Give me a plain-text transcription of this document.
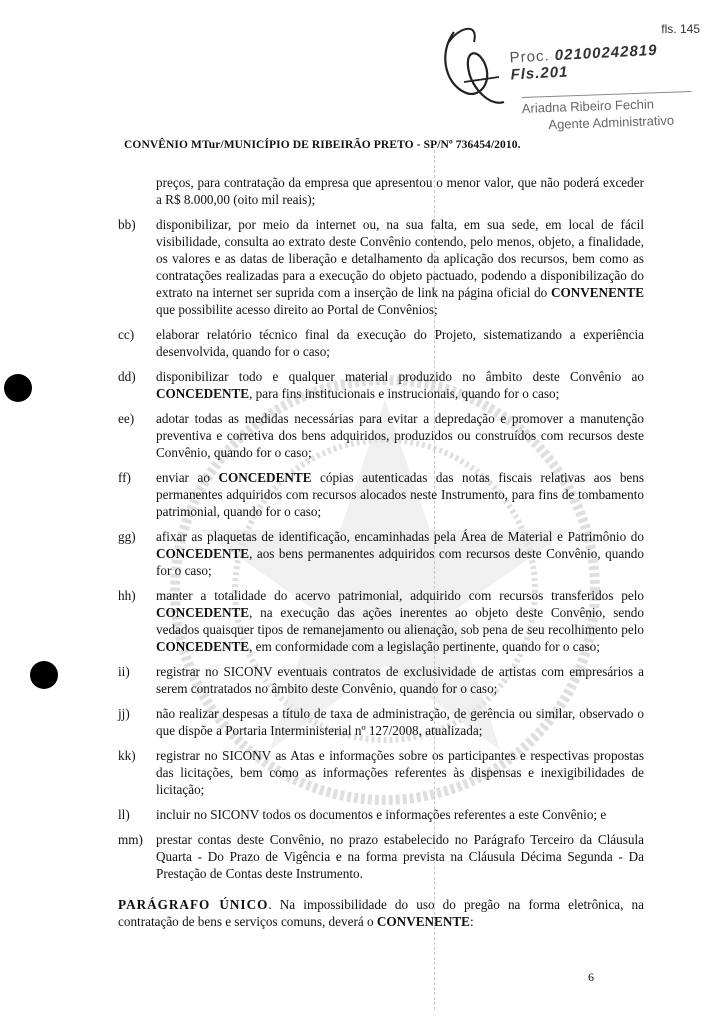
fls. 145
Proc. 02100242819 Fls.201
Ariadna Ribeiro Fechin
Agente Administrativo
CONVÊNIO MTur/MUNICÍPIO DE RIBEIRÃO PRETO - SP/Nº 736454/2010.
preços, para contratação da empresa que apresentou o menor valor, que não poderá exceder a R$ 8.000,00 (oito mil reais);
bb)	disponibilizar, por meio da internet ou, na sua falta, em sua sede, em local de fácil visibilidade, consulta ao extrato deste Convênio contendo, pelo menos, objeto, a finalidade, os valores e as datas de liberação e detalhamento da aplicação dos recursos, bem como as contratações realizadas para a execução do objeto pactuado, podendo a disponibilização do extrato na internet ser suprida com a inserção de link na página oficial do CONVENENTE que possibilite acesso direito ao Portal de Convênios;
cc)	elaborar relatório técnico final da execução do Projeto, sistematizando a experiência desenvolvida, quando for o caso;
dd)	disponibilizar todo e qualquer material produzido no âmbito deste Convênio ao CONCEDENTE, para fins institucionais e instrucionais, quando for o caso;
ee)	adotar todas as medidas necessárias para evitar a depredação e promover a manutenção preventiva e corretiva dos bens adquiridos, produzidos ou construídos com recursos deste Convênio, quando for o caso;
ff)	enviar ao CONCEDENTE cópias autenticadas das notas fiscais relativas aos bens permanentes adquiridos com recursos alocados neste Instrumento, para fins de tombamento patrimonial, quando for o caso;
gg)	afixar as plaquetas de identificação, encaminhadas pela Área de Material e Patrimônio do CONCEDENTE, aos bens permanentes adquiridos com recursos deste Convênio, quando for o caso;
hh)	manter a totalidade do acervo patrimonial, adquirido com recursos transferidos pelo CONCEDENTE, na execução das ações inerentes ao objeto deste Convênio, sendo vedados quaisquer tipos de remanejamento ou alienação, sob pena de seu recolhimento pelo CONCEDENTE, em conformidade com a legislação pertinente, quando for o caso;
ii)	registrar no SICONV eventuais contratos de exclusividade de artistas com empresários a serem contratados no âmbito deste Convênio, quando for o caso;
jj)	não realizar despesas a título de taxa de administração, de gerência ou similar, observado o que dispõe a Portaria Interministerial nº 127/2008, atualizada;
kk)	registrar no SICONV as Atas e informações sobre os participantes e respectivas propostas das licitações, bem como as informações referentes às dispensas e inexigibilidades de licitação;
ll)	incluir no SICONV todos os documentos e informações referentes a este Convênio; e
mm) prestar contas deste Convênio, no prazo estabelecido no Parágrafo Terceiro da Cláusula Quarta - Do Prazo de Vigência e na forma prevista na Cláusula Décima Segunda - Da Prestação de Contas deste Instrumento.
PARÁGRAFO ÚNICO. Na impossibilidade do uso do pregão na forma eletrônica, na contratação de bens e serviços comuns, deverá o CONVENENTE:
6
